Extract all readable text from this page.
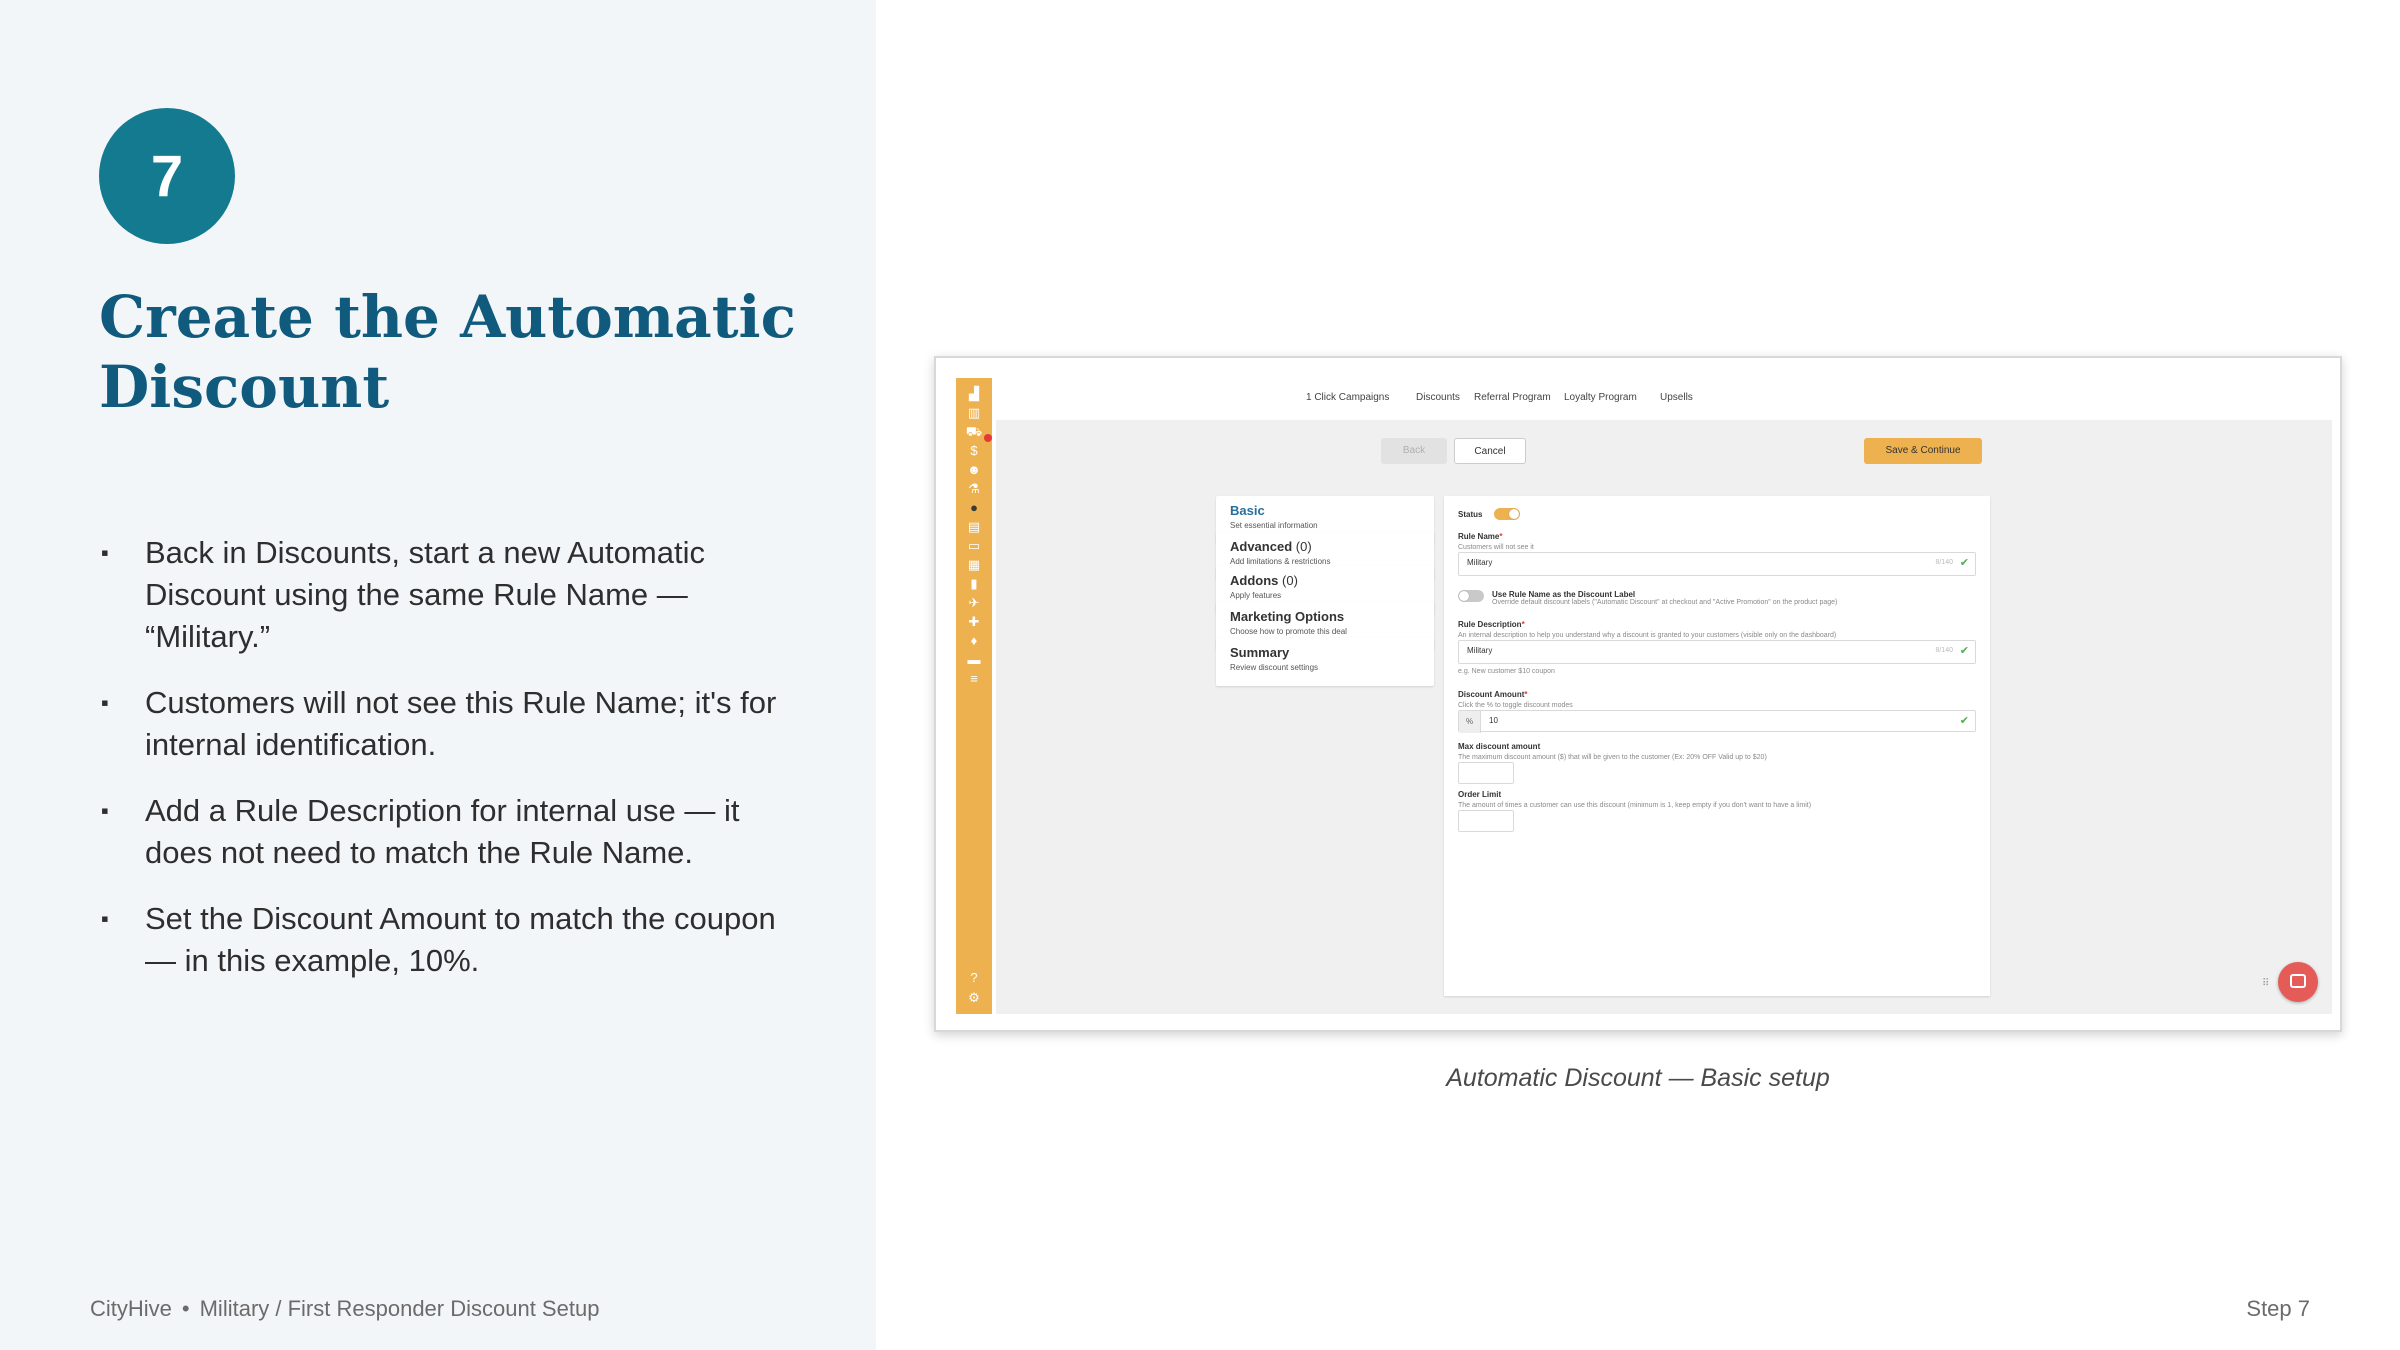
7
Create the Automatic Discount
▪ Back in Discounts, start a new Automatic Discount using the same Rule Name — “Military.”
▪ Customers will not see this Rule Name; it's for internal identification.
▪ Add a Rule Description for internal use — it does not need to match the Rule Name.
▪ Set the Discount Amount to match the coupon — in this example, 10%.
CityHive • Military / First Responder Discount Setup	Step 7
▟
▥
⛟
$
☻
⚗
●
▤
▭
▦
▮
✈
✚
♦
▬
≡
?
⚙
1 Click Campaigns	Discounts Referral Program Loyalty Program Upsells
Back	Cancel	Save & Continue
Basic
Set essential information
Advanced (0)
Add limitations & restrictions
Addons (0)
Apply features
Marketing Options
Choose how to promote this deal
Summary
Review discount settings
Status
Rule Name*
Customers will not see it
Military	8/140 ✔
Use Rule Name as the Discount Label
Override default discount labels ("Automatic Discount" at checkout and "Active Promotion" on the product page)
Rule Description*
An internal description to help you understand why a discount is granted to your customers (visible only on the dashboard)
Military	8/140 ✔
e.g. New customer $10 coupon
Discount Amount*
Click the % to toggle discount modes
%	10	✔
Max discount amount
The maximum discount amount ($) that will be given to the customer (Ex: 20% OFF Valid up to $20)
Order Limit
The amount of times a customer can use this discount (minimum is 1, keep empty if you don't want to have a limit)
⠿
Automatic Discount — Basic setup
